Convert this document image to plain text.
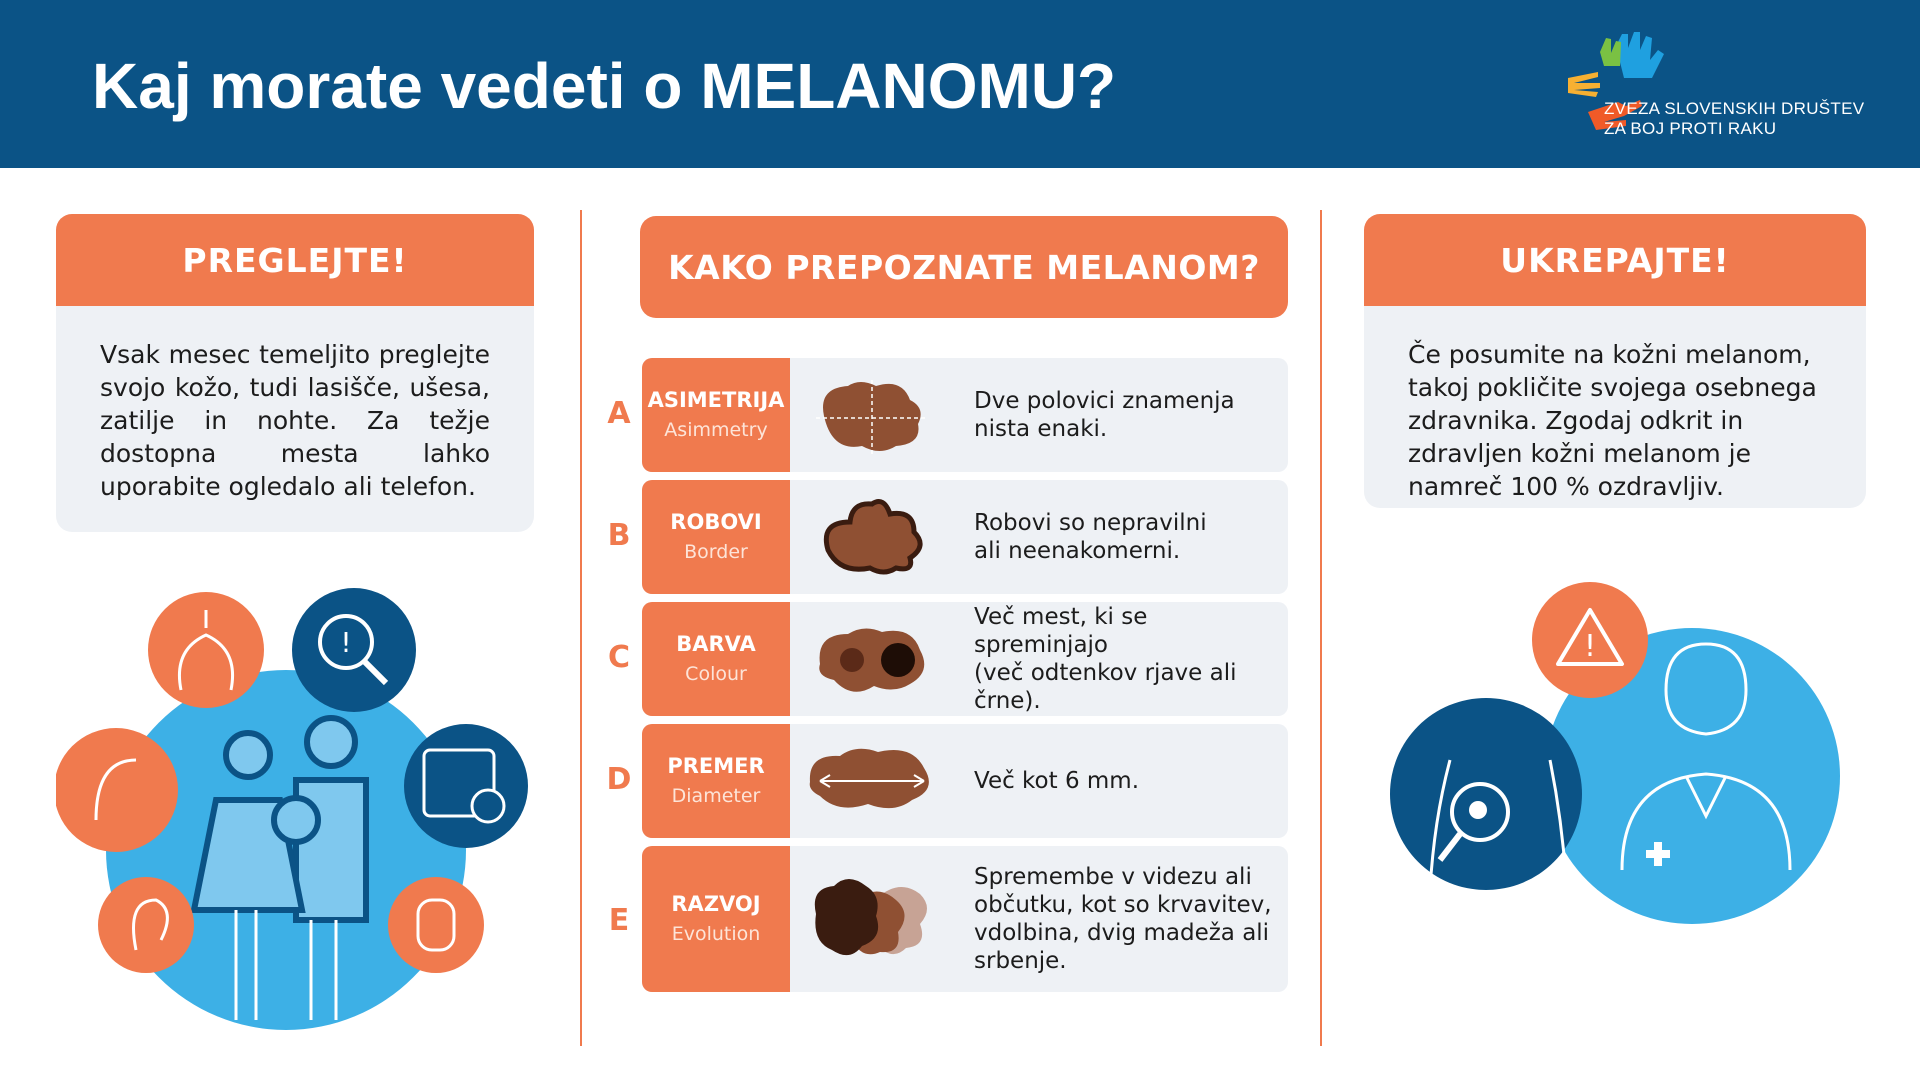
Kaj morate vedeti o MELANOMU?	ZVEZA SLOVENSKIH DRUŠTEV
ZA BOJ PROTI RAKU
PREGLEJTE!
Vsak mesec temeljito preglejte svojo kožo, tudi lasišče, ušesa, zatilje in nohte. Za težje dostopna mesta lahko uporabite ogledalo ali telefon.
!
KAKO PREPOZNATE MELANOM?
A ASIMETRIJA
Asimmetry
Dve polovici znamenja
nista enaki.
B ROBOVI
Border
Robovi so nepravilni
ali neenakomerni.
C BARVA
Colour
Več mest, ki se spreminjajo
(več odtenkov rjave ali črne).
D PREMER
Diameter
Več kot 6 mm.
E RAZVOJ
Evolution
Spremembe v videzu ali
občutku, kot so krvavitev,
vdolbina, dvig madeža ali
srbenje.
UKREPAJTE!
Če posumite na kožni melanom, takoj pokličite svojega osebnega zdravnika. Zgodaj odkrit in zdravljen kožni melanom je namreč 100 % ozdravljiv.
!
